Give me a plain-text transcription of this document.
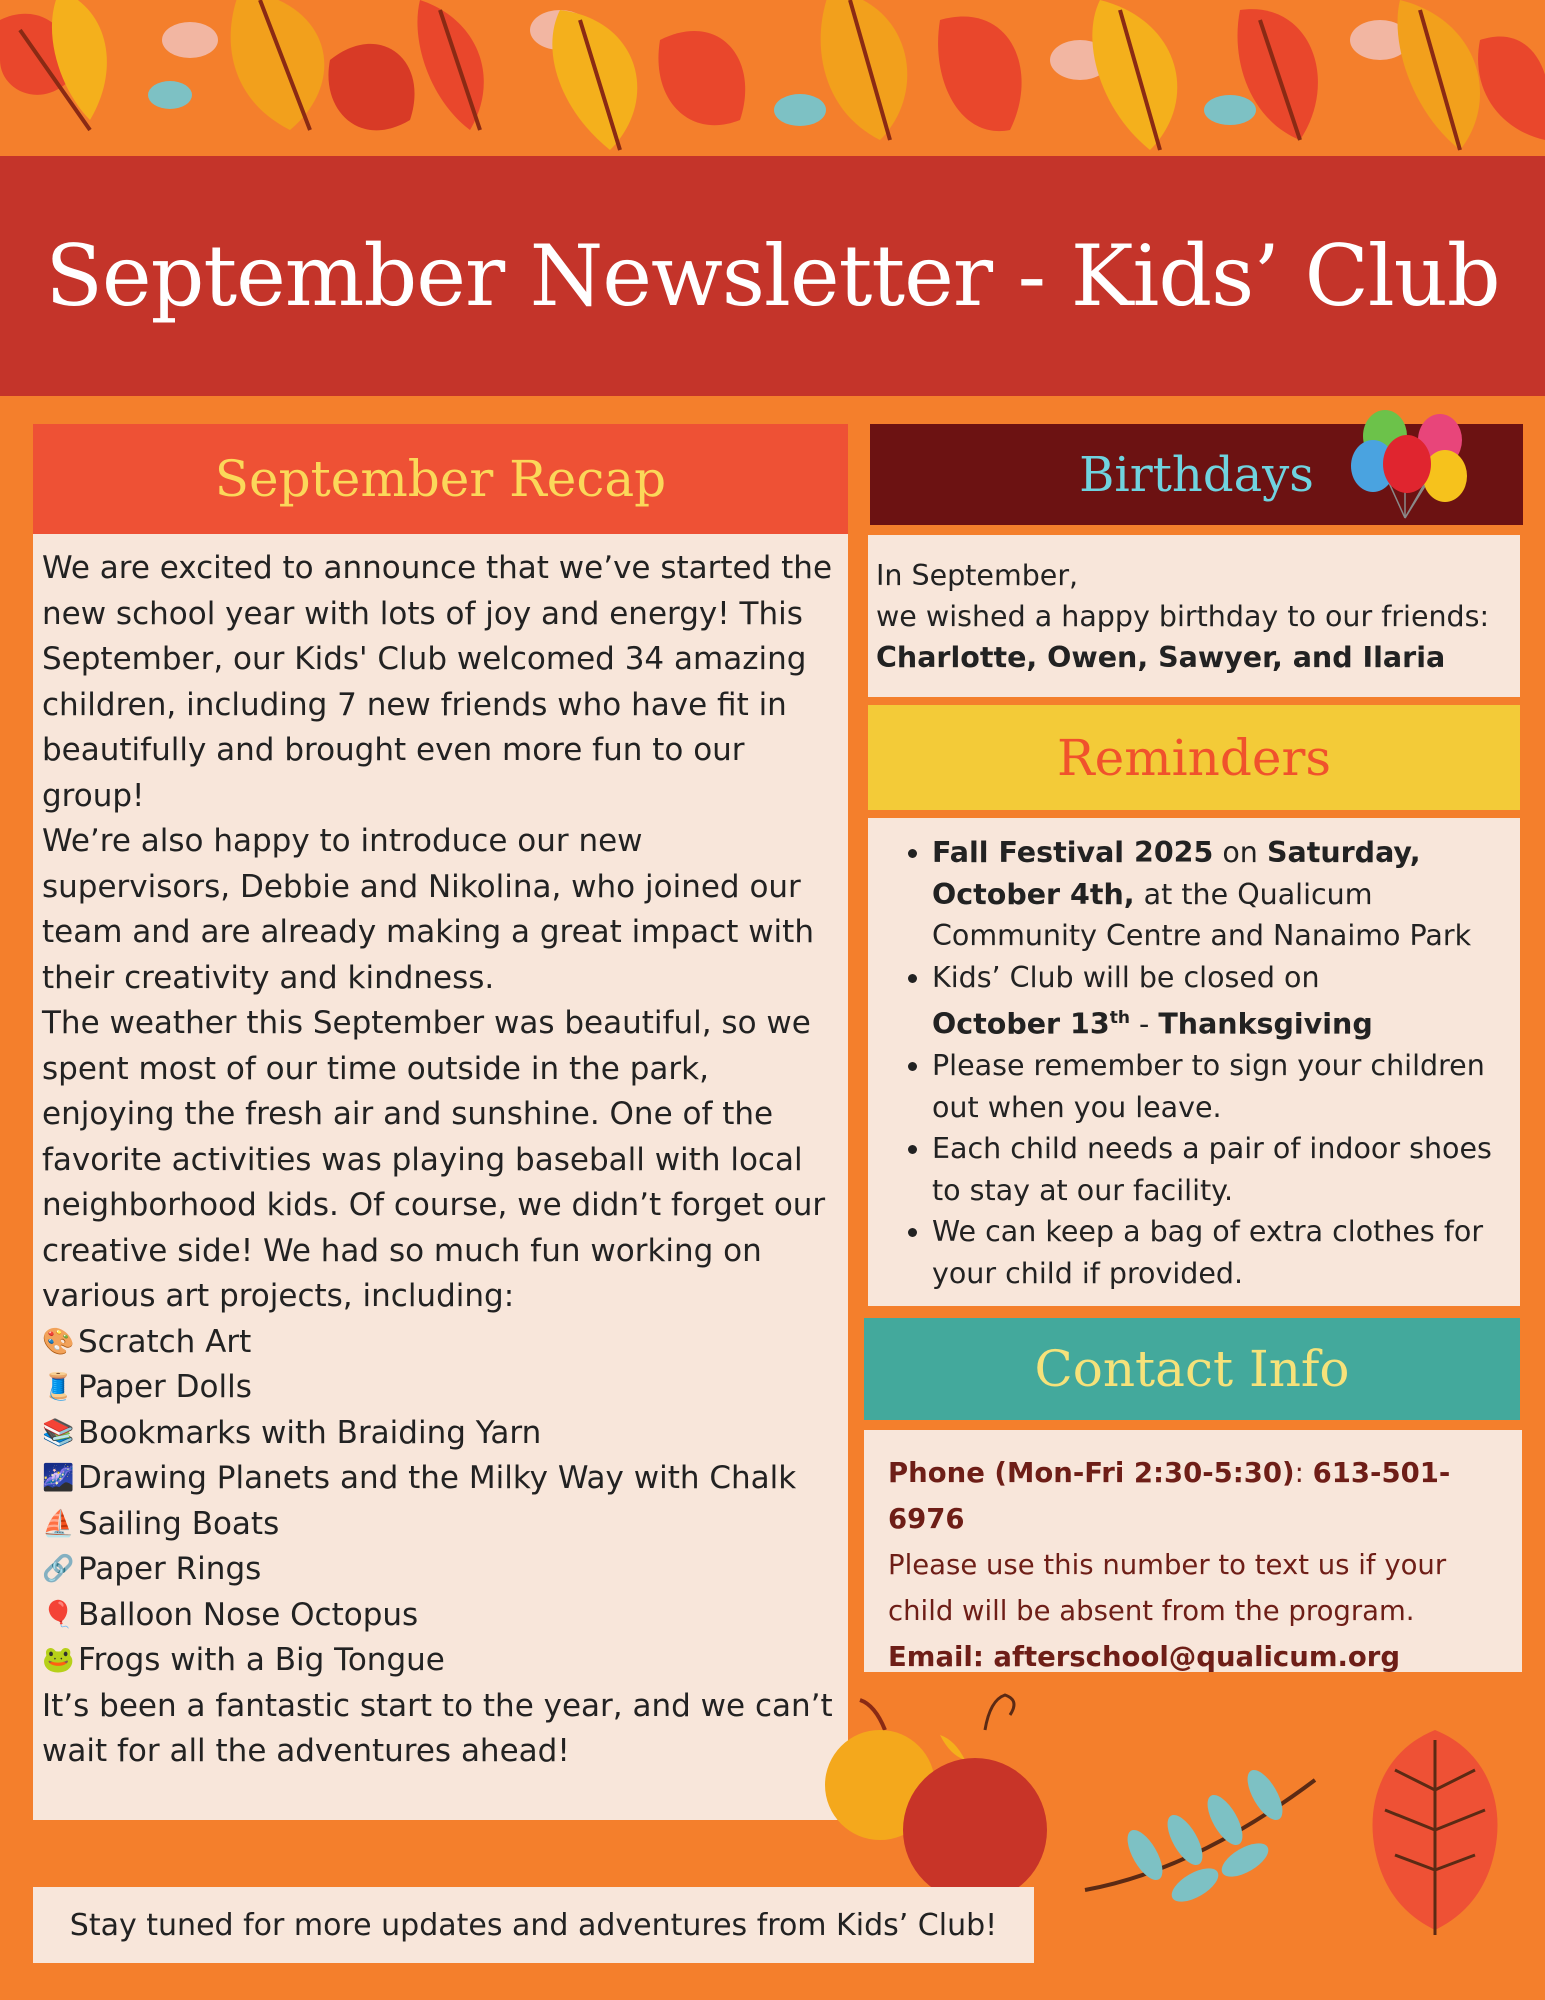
September Newsletter - Kids’ Club
September Recap

We are excited to announce that we’ve started the new school year with lots of joy and energy! This September, our Kids' Club welcomed 34 amazing children, including 7 new friends who have fit in beautifully and brought even more fun to our group!

We’re also happy to introduce our new supervisors, Debbie and Nikolina, who joined our team and are already making a great impact with their creativity and kindness.

The weather this September was beautiful, so we spent most of our time outside in the park, enjoying the fresh air and sunshine. One of the favorite activities was playing baseball with local neighborhood kids. Of course, we didn’t forget our creative side! We had so much fun working on various art projects, including:

🎨 Scratch Art
🧵 Paper Dolls
📚 Bookmarks with Braiding Yarn
🌌 Drawing Planets and the Milky Way with Chalk
⛵ Sailing Boats
🔗 Paper Rings
🎈 Balloon Nose Octopus
🐸 Frogs with a Big Tongue

It’s been a fantastic start to the year, and we can’t wait for all the adventures ahead!

Birthdays

In September,

we wished a happy birthday to our friends:

Charlotte, Owen, Sawyer, and Ilaria

Reminders
• Fall Festival 2025 on Saturday, October 4th, at the Qualicum Community Centre and Nanaimo Park
• Kids’ Club will be closed on
October 13th - Thanksgiving
• Please remember to sign your children out when you leave.
• Each child needs a pair of indoor shoes to stay at our facility.
• We can keep a bag of extra clothes for your child if provided.
Contact Info

Phone (Mon-Fri 2:30-5:30): 613-501-6976

Please use this number to text us if your child will be absent from the program.

Email: afterschool@qualicum.org

Stay tuned for more updates and adventures from Kids’ Club!
